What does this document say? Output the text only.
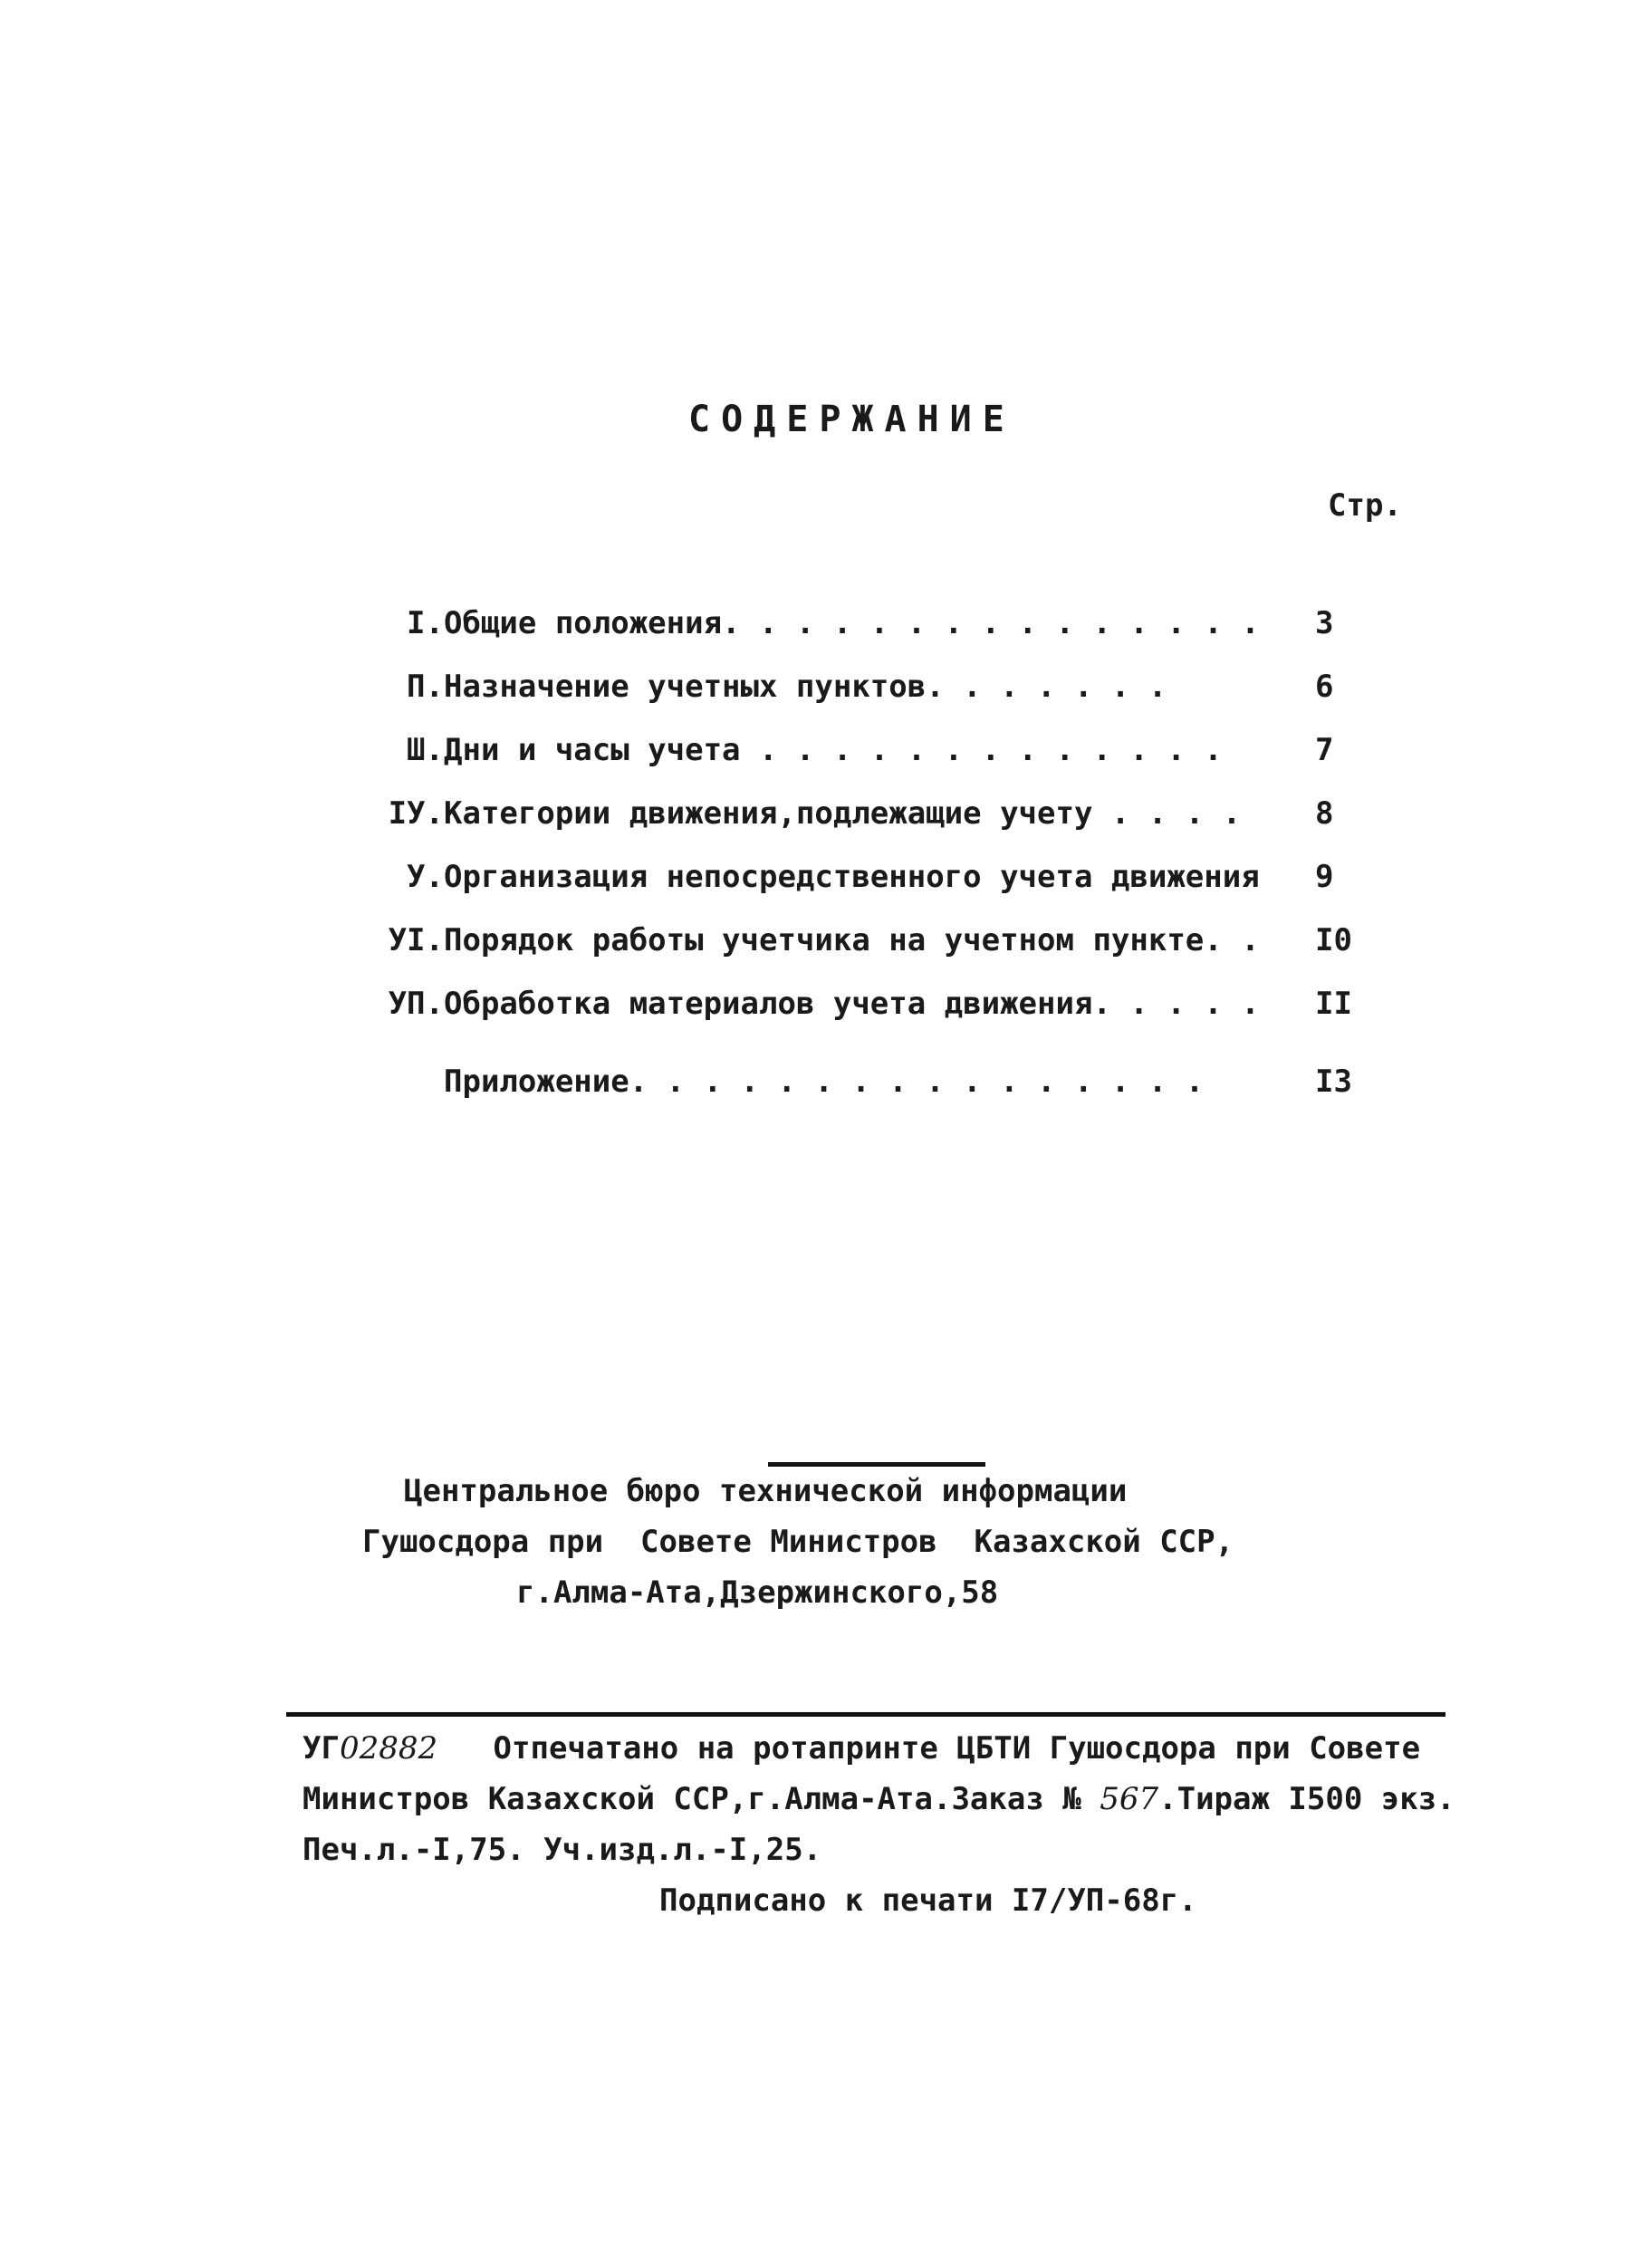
СОДЕРЖАНИЕ
Стр.
I. Общие положения. . . . . . . . . . . . . . . 3
П. Назначение учетных пунктов. . . . . . .	6
Ш. Дни и часы учета . . . . . . . . . . . . .	7
IУ. Категории движения,подлежащие учету . . . . 8
У. Организация непосредственного учета движения 9
УI. Порядок работы учетчика на учетном пункте. . I0
УП. Обработка материалов учета движения. . . . . II
Приложение. . . . . . . . . . . . . . . .	I3
Центральное бюро технической информации
Гушосдора при  Совете Министров  Казахской ССР,
г.Алма-Ата,Дзержинского,58
УГ02882 Отпечатано на ротапринте ЦБТИ Гушосдора при Совете
Министров Казахской ССР,г.Алма-Ата.Заказ № 567.Тираж I500 экз.
Печ.л.-I,75. Уч.изд.л.-I,25.
Подписано к печати I7/УП-68г.
